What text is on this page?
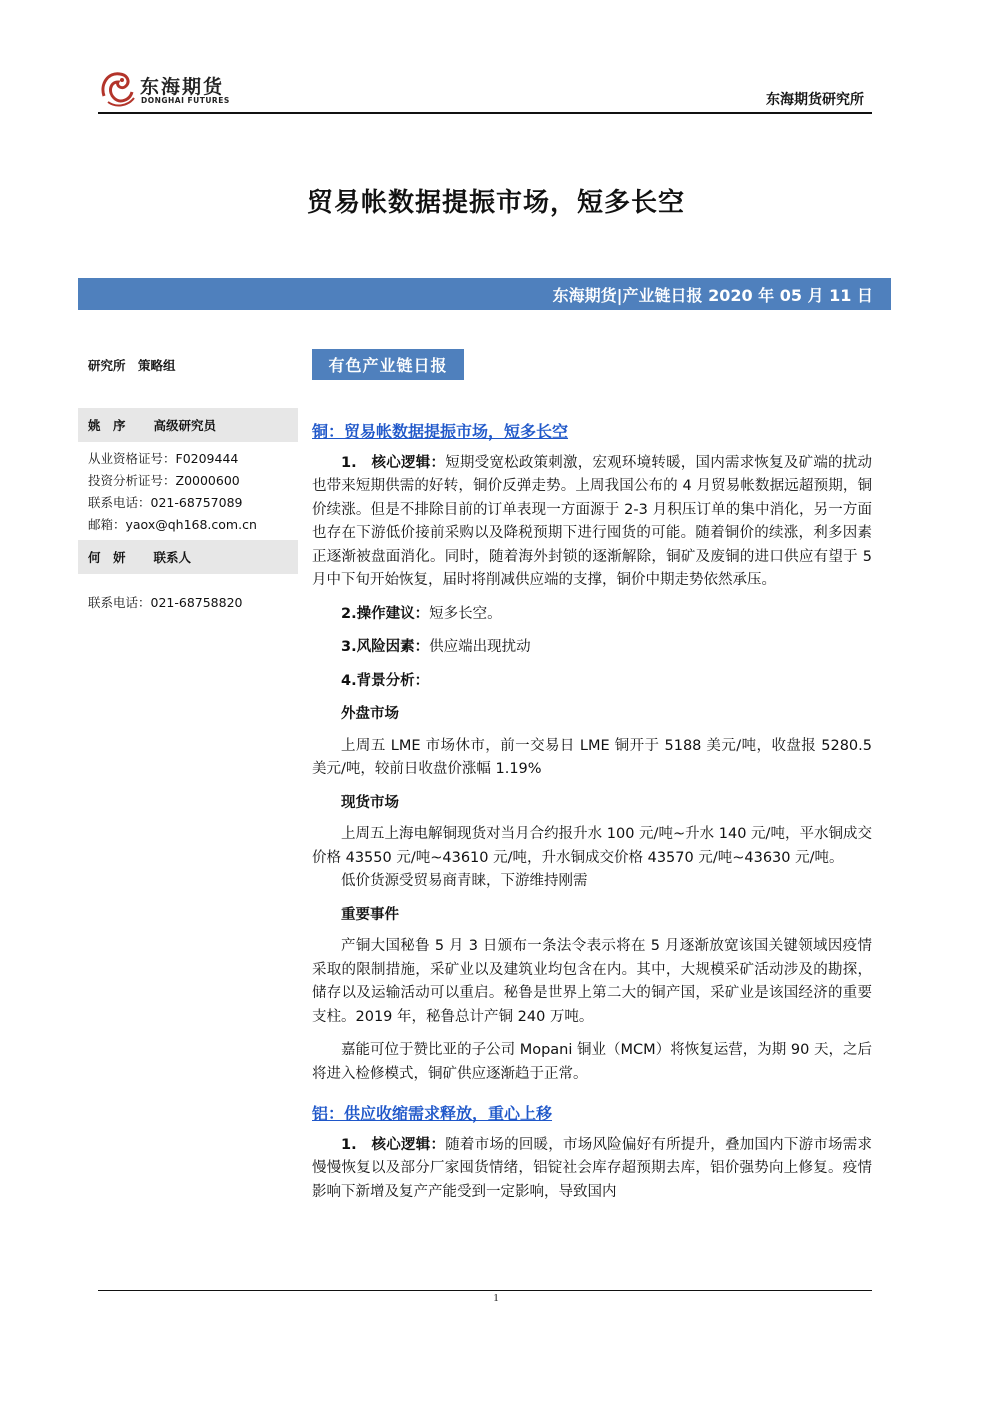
东海期货
DONGHAI FUTURES	东海期货研究所
贸易帐数据提振市场，短多长空
东海期货|产业链日报 2020 年 05 月 11 日
研究所　策略组
姚　序 高级研究员
从业资格证号：F0209444
投资分析证号：Z0000600
联系电话：021-68757089
邮箱：yaox@qh168.com.cn
何　妍 联系人
联系电话：021-68758820
有色产业链日报
铜：贸易帐数据提振市场，短多长空

1.　核心逻辑：短期受宽松政策刺激，宏观环境转暖，国内需求恢复及矿端的扰动也带来短期供需的好转，铜价反弹走势。上周我国公布的 4 月贸易帐数据远超预期，铜价续涨。但是不排除目前的订单表现一方面源于 2-3 月积压订单的集中消化，另一方面也存在下游低价接前采购以及降税预期下进行囤货的可能。随着铜价的续涨，利多因素正逐渐被盘面消化。同时，随着海外封锁的逐渐解除，铜矿及废铜的进口供应有望于 5 月中下旬开始恢复，届时将削减供应端的支撑，铜价中期走势依然承压。

2.操作建议：短多长空。

3.风险因素：供应端出现扰动

4.背景分析：

外盘市场

上周五 LME 市场休市，前一交易日 LME 铜开于 5188 美元/吨，收盘报 5280.5 美元/吨，较前日收盘价涨幅 1.19%

现货市场

上周五上海电解铜现货对当月合约报升水 100 元/吨~升水 140 元/吨，平水铜成交价格 43550 元/吨~43610 元/吨，升水铜成交价格 43570 元/吨~43630 元/吨。

低价货源受贸易商青睐，下游维持刚需

重要事件

产铜大国秘鲁 5 月 3 日颁布一条法令表示将在 5 月逐渐放宽该国关键领域因疫情采取的限制措施，采矿业以及建筑业均包含在内。其中，大规模采矿活动涉及的勘探，储存以及运输活动可以重启。秘鲁是世界上第二大的铜产国，采矿业是该国经济的重要支柱。2019 年，秘鲁总计产铜 240 万吨。

嘉能可位于赞比亚的子公司 Mopani 铜业（MCM）将恢复运营，为期 90 天，之后将进入检修模式，铜矿供应逐渐趋于正常。

铝：供应收缩需求释放，重心上移

1.　核心逻辑：随着市场的回暖，市场风险偏好有所提升，叠加国内下游市场需求慢慢恢复以及部分厂家囤货情绪，铝锭社会库存超预期去库，铝价强势向上修复。疫情影响下新增及复产产能受到一定影响，导致国内

1
